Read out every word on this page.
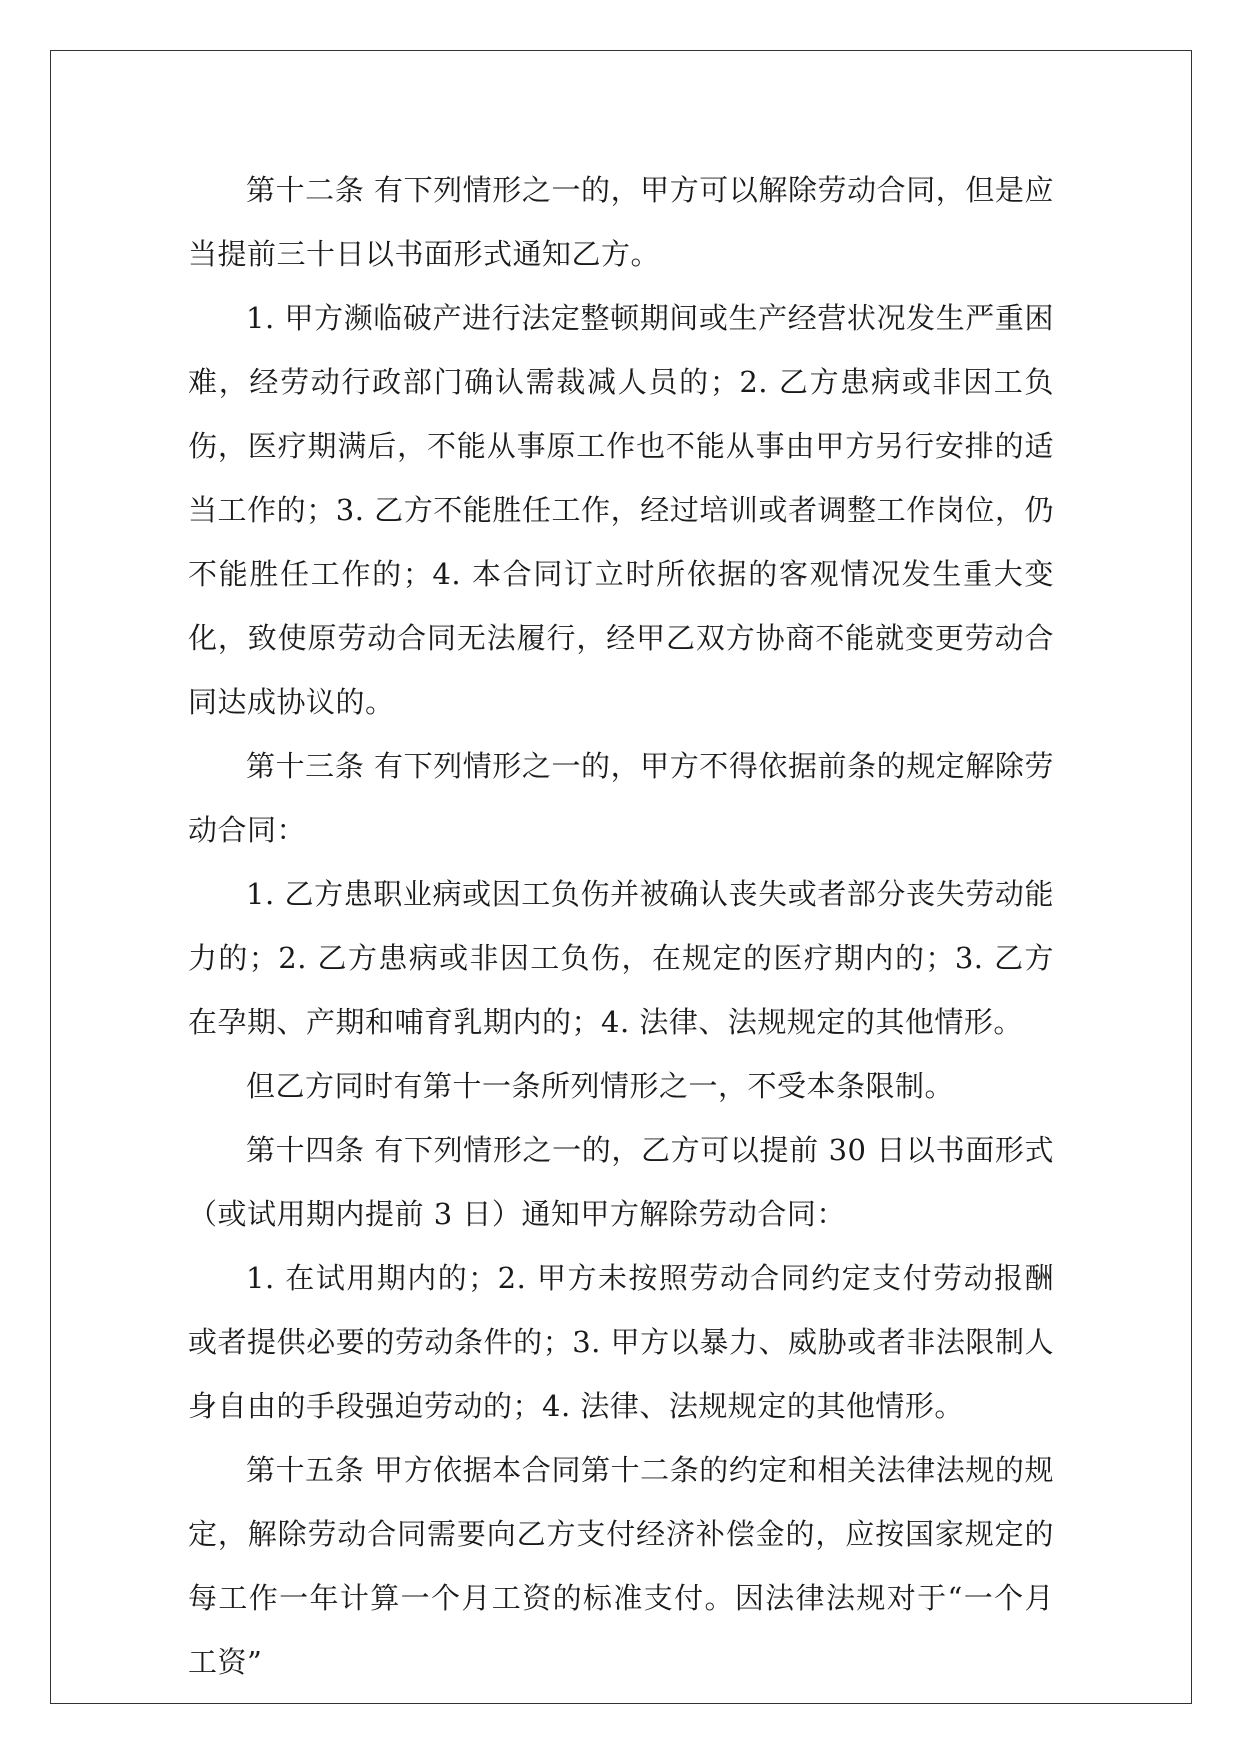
第十二条 有下列情形之一的，甲方可以解除劳动合同，但是应当提前三十日以书面形式通知乙方。

1. 甲方濒临破产进行法定整顿期间或生产经营状况发生严重困难，经劳动行政部门确认需裁减人员的；2. 乙方患病或非因工负伤，医疗期满后，不能从事原工作也不能从事由甲方另行安排的适当工作的；3. 乙方不能胜任工作，经过培训或者调整工作岗位，仍不能胜任工作的；4. 本合同订立时所依据的客观情况发生重大变化，致使原劳动合同无法履行，经甲乙双方协商不能就变更劳动合同达成协议的。

第十三条 有下列情形之一的，甲方不得依据前条的规定解除劳动合同：

1. 乙方患职业病或因工负伤并被确认丧失或者部分丧失劳动能力的；2. 乙方患病或非因工负伤，在规定的医疗期内的；3. 乙方在孕期、产期和哺育乳期内的；4. 法律、法规规定的其他情形。

但乙方同时有第十一条所列情形之一，不受本条限制。

第十四条 有下列情形之一的，乙方可以提前 30 日以书面形式（或试用期内提前 3 日）通知甲方解除劳动合同：

1. 在试用期内的；2. 甲方未按照劳动合同约定支付劳动报酬或者提供必要的劳动条件的；3. 甲方以暴力、威胁或者非法限制人身自由的手段强迫劳动的；4. 法律、法规规定的其他情形。

第十五条 甲方依据本合同第十二条的约定和相关法律法规的规定，解除劳动合同需要向乙方支付经济补偿金的，应按国家规定的每工作一年计算一个月工资的标准支付。因法律法规对于“一个月工资”
